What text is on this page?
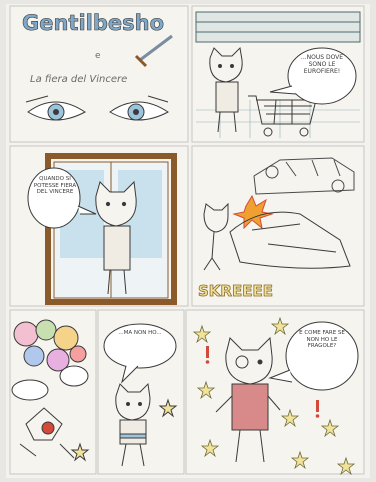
Gentilbesho
e
La fiera del Vincere
...NOUS DOVE SONO LE EUROFIERE!
QUANDO SI POTESSE FIERA DEL VINCERE
SKREEEE
...MA NON HO...	E COME FARE SE NON HO LE FRAGOLE?
